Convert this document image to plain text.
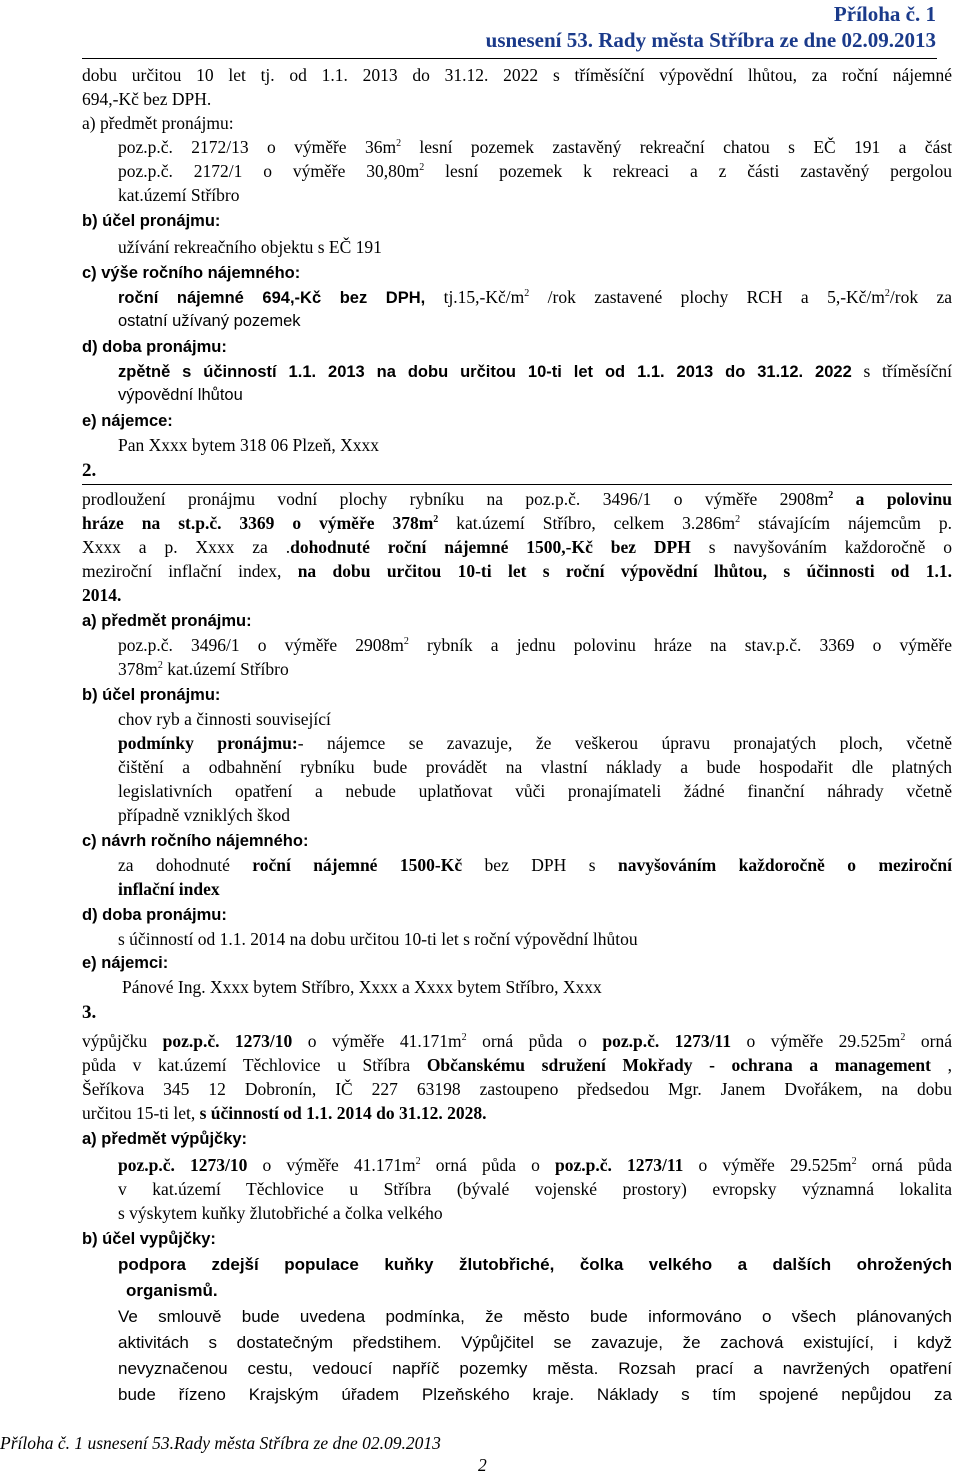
Příloha č. 1
usnesení 53. Rady města Stříbra ze dne 02.09.2013
dobu určitou 10 let tj. od 1.1. 2013 do 31.12. 2022 s tříměsíční výpovědní lhůtou, za roční nájemné
694,-Kč bez DPH.
a) předmět pronájmu:
poz.p.č. 2172/13 o výměře $36m^2$ lesní pozemek zastavěný rekreační chatou s EČ 191 a část
poz.p.č. 2172/1 o výměře $30,80m^2$ lesní pozemek k rekreaci a z části zastavěný pergolou
kat.území Stříbro
b) účel pronájmu:
užívání rekreačního objektu s EČ 191
c) výše ročního nájemného:
roční nájemné 694,-Kč bez DPH, $tj.15,-Kč/m^2$ /rok zastavené plochy RCH a $5,-Kč/m^2$/rok za
ostatní užívaný pozemek
d) doba pronájmu:
zpětně s účinností 1.1. 2013 na dobu určitou 10-ti let od 1.1. 2013 do 31.12. 2022 s tříměsíční
výpovědní lhůtou
e) nájemce:
Pan Xxxx bytem 318 06 Plzeň, Xxxx
2.
prodloužení pronájmu vodní plochy rybníku na poz.p.č. 3496/1 o výměře $2908m^2$ a polovinu
hráze na st.p.č. 3369 o výměře $378m^2$ kat.území Stříbro, celkem $3.286m^2$ stávajícím nájemcům p.
Xxxx a p. Xxxx za .dohodnuté roční nájemné 1500,-Kč bez DPH s navyšováním každoročně o
meziroční inflační index, na dobu určitou 10-ti let s roční výpovědní lhůtou, s účinnosti od 1.1.
2014.
a) předmět pronájmu:
poz.p.č. 3496/1 o výměře $2908m^2$ rybník a jednu polovinu hráze na stav.p.č. 3369 o výměře
$378m^2$ kat.území Stříbro
b) účel pronájmu:
chov ryb a činnosti související
podmínky pronájmu:- nájemce se zavazuje, že veškerou úpravu pronajatých ploch, včetně
čištění a odbahnění rybníku bude provádět na vlastní náklady a bude hospodařit dle platných
legislativních opatření a nebude uplatňovat vůči pronajímateli žádné finanční náhrady včetně
případně vzniklých škod
c) návrh ročního nájemného:
za dohodnuté roční nájemné 1500-Kč bez DPH s navyšováním každoročně o meziroční
inflační index
d) doba pronájmu:
s účinností od 1.1. 2014 na dobu určitou 10-ti let s roční výpovědní lhůtou
e) nájemci:
Pánové Ing. Xxxx bytem Stříbro, Xxxx a Xxxx bytem Stříbro, Xxxx
3.
výpůjčku poz.p.č. 1273/10 o výměře $41.171m^2$ orná půda o poz.p.č. 1273/11 o výměře $29.525m^2$ orná
půda v kat.území Těchlovice u Stříbra Občanskému sdružení Mokřady - ochrana a management ,
Šeříkova 345 12 Dobronín, IČ 227 63198 zastoupeno předsedou Mgr. Janem Dvořákem, na dobu
určitou 15-ti let, s účinností od 1.1. 2014 do 31.12. 2028.
a) předmět výpůjčky:
poz.p.č. 1273/10 o výměře $41.171m^2$ orná půda o poz.p.č. 1273/11 o výměře $29.525m^2$ orná půda
v kat.území Těchlovice u Stříbra (bývalé vojenské prostory) evropsky významná lokalita
s výskytem kuňky žlutobřiché a čolka velkého
b) účel vypůjčky:
podpora zdejší populace kuňky žlutobřiché, čolka velkého a dalších ohrožených
organismů.
Ve smlouvě bude uvedena podmínka, že město bude informováno o všech plánovaných
aktivitách s dostatečným předstihem. Výpůjčitel se zavazuje, že zachová existující, i když
nevyznačenou cestu, vedoucí napříč pozemky města. Rozsah prací a navržených opatření
bude řízeno Krajským úřadem Plzeňského kraje. Náklady s tím spojené nepůjdou za
Příloha č. 1 usnesení 53.Rady města Stříbra ze dne 02.09.2013
2
